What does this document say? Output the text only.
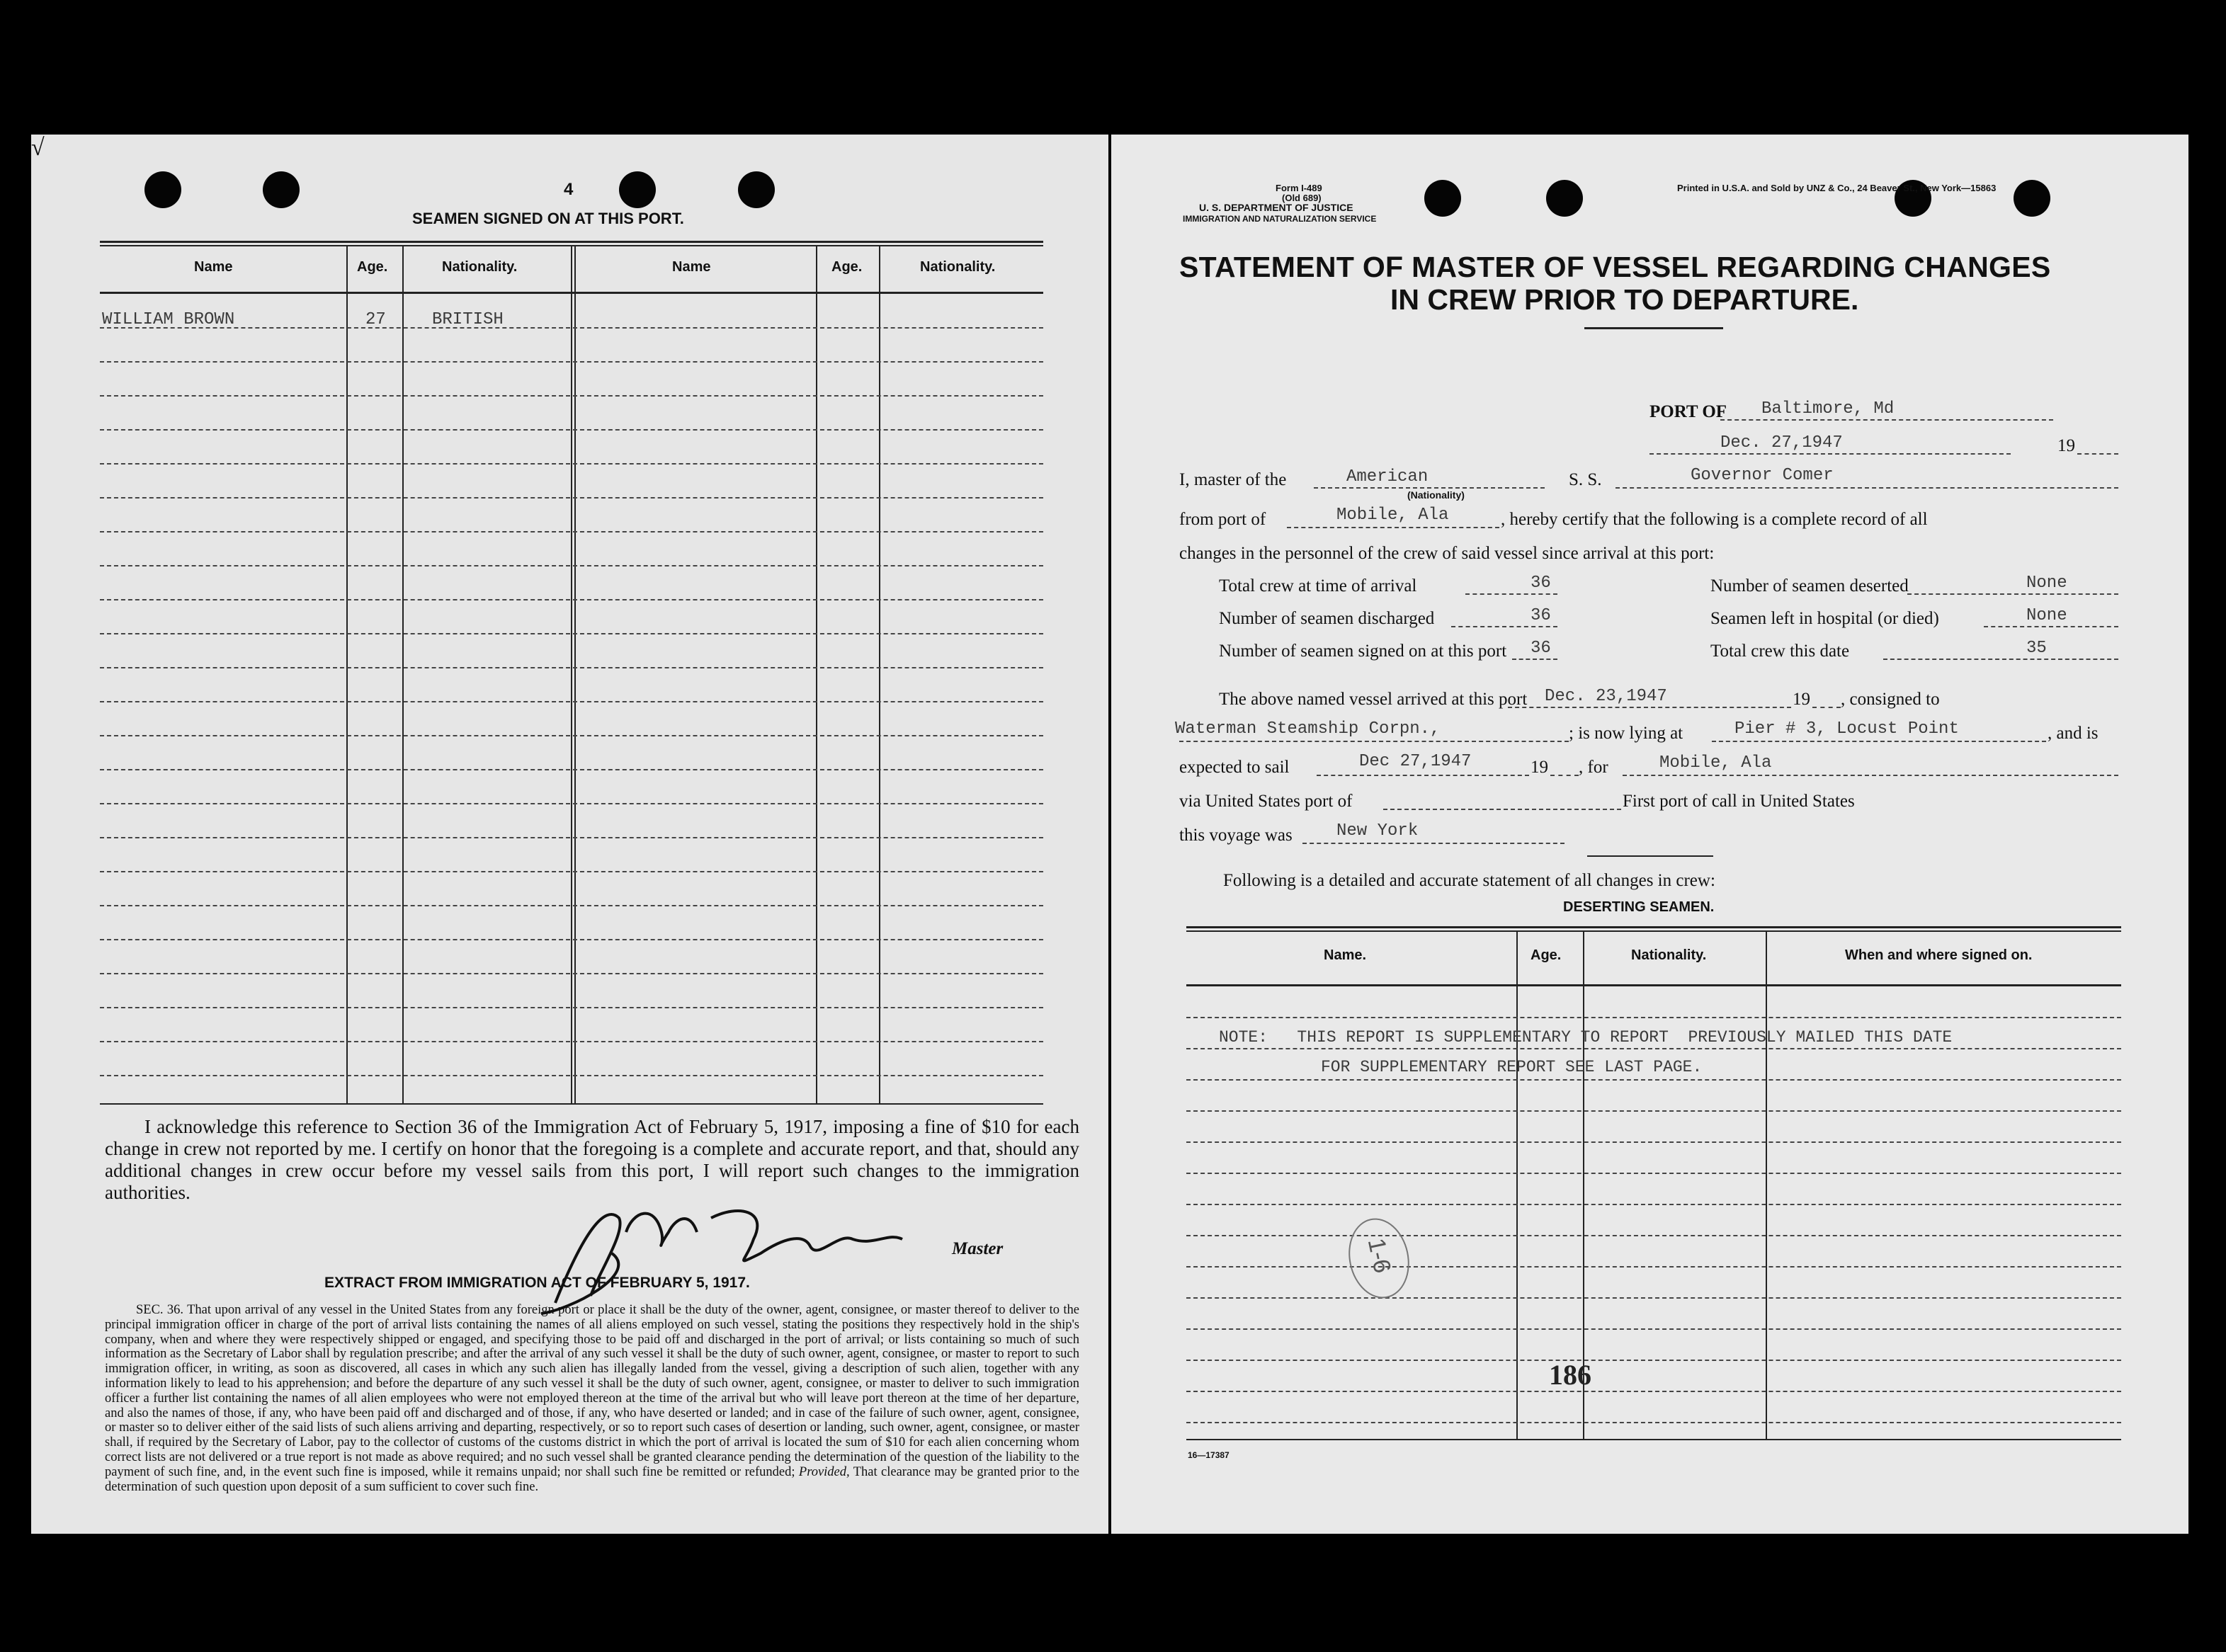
√
4
SEAMEN SIGNED ON AT THIS PORT.
Name	Age.	Nationality.	Name	Age.	Nationality.
WILLIAM BROWN	27	BRITISH
I acknowledge this reference to Section 36 of the Immigration Act of February 5, 1917, imposing a fine of $10 for each change in crew not reported by me. I certify on honor that the foregoing is a complete and accurate report, and that, should any additional changes in crew occur before my vessel sails from this port, I will report such changes to the immigration authorities.
Master
EXTRACT FROM IMMIGRATION ACT OF FEBRUARY 5, 1917.
SEC. 36. That upon arrival of any vessel in the United States from any foreign port or place it shall be the duty of the owner, agent, consignee, or master thereof to deliver to the principal immigration officer in charge of the port of arrival lists containing the names of all aliens employed on such vessel, stating the positions they respectively hold in the ship's company, when and where they were respectively shipped or engaged, and specifying those to be paid off and discharged in the port of arrival; or lists containing so much of such information as the Secretary of Labor shall by regulation prescribe; and after the arrival of any such vessel it shall be the duty of such owner, agent, consignee, or master to report to such immigration officer, in writing, as soon as discovered, all cases in which any such alien has illegally landed from the vessel, giving a description of such alien, together with any information likely to lead to his apprehension; and before the departure of any such vessel it shall be the duty of such owner, agent, consignee, or master to deliver to such immigration officer a further list containing the names of all alien employees who were not employed thereon at the time of the arrival but who will leave port thereon at the time of her departure, and also the names of those, if any, who have been paid off and discharged and of those, if any, who have deserted or landed; and in case of the failure of such owner, agent, consignee, or master so to deliver either of the said lists of such aliens arriving and departing, respectively, or so to report such cases of desertion or landing, such owner, agent, consignee, or master shall, if required by the Secretary of Labor, pay to the collector of customs of the customs district in which the port of arrival is located the sum of $10 for each alien concerning whom correct lists are not delivered or a true report is not made as above required; and no such vessel shall be granted clearance pending the determination of the question of the liability to the payment of such fine, and, in the event such fine is imposed, while it remains unpaid; nor shall such fine be remitted or refunded; Provided, That clearance may be granted prior to the determination of such question upon deposit of a sum sufficient to cover such fine.
Form I-489
(Old 689)
U. S. DEPARTMENT OF JUSTICE
IMMIGRATION AND NATURALIZATION SERVICE
Printed in U.S.A. and Sold by UNZ & Co., 24 Beaver St., New York—15863
STATEMENT OF MASTER OF VESSEL REGARDING CHANGES
IN CREW PRIOR TO DEPARTURE.
PORT OF Baltimore, Md
Dec. 27,1947	19
I, master of the	American
(Nationality)
S. S.	Governor Comer
from port of	Mobile, Ala	, hereby certify that the following is a complete record of all
changes in the personnel of the crew of said vessel since arrival at this port:
Total crew at time of arrival	36
Number of seamen discharged	36
Number of seamen signed on at this port 36
Number of seamen deserted	None
Seamen left in hospital (or died)	None
Total crew this date	35
The above named vessel arrived at this port Dec. 23,1947	19 , consigned to
Waterman Steamship Corpn.,	; is now lying at	Pier # 3, Locust Point	, and is
expected to sail	Dec 27,1947	19 , for	Mobile, Ala
via United States port of	First port of call in United States
this voyage was	New York
Following is a detailed and accurate statement of all changes in crew:
DESERTING SEAMEN.
Name.	Age.	Nationality.	When and where signed on.
NOTE:   THIS REPORT IS SUPPLEMENTARY TO REPORT  PREVIOUSLY MAILED THIS DATE
FOR SUPPLEMENTARY REPORT SEE LAST PAGE.
1-6
186
16—17387
